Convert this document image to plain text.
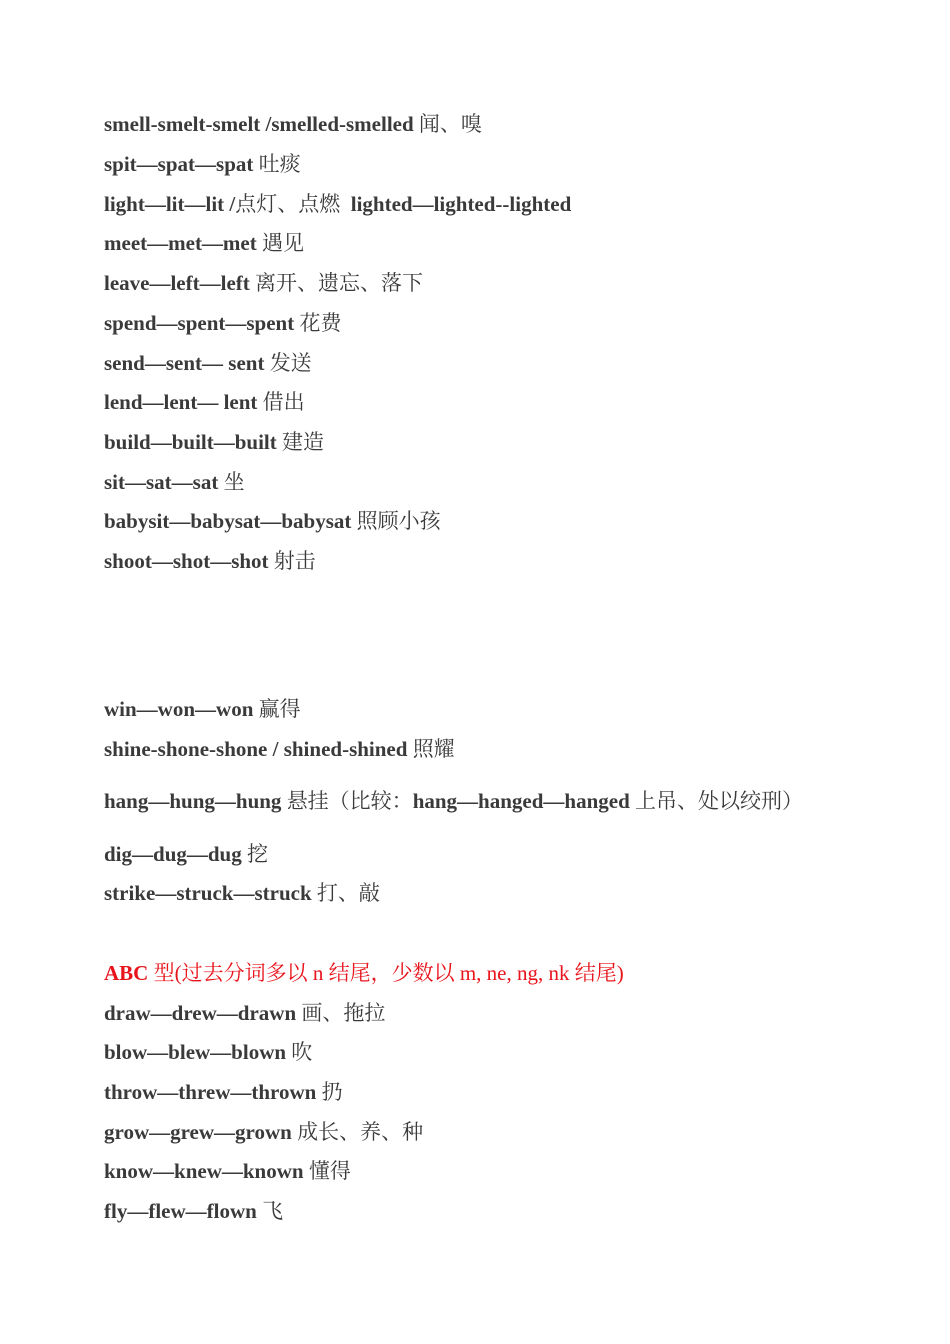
smell-smelt-smelt /smelled-smelled 闻、嗅
spit—spat—spat 吐痰
light—lit—lit /点灯、点燃  lighted—lighted--lighted
meet—met—met 遇见
leave—left—left 离开、遗忘、落下
spend—spent—spent 花费
send—sent— sent 发送
lend—lent— lent 借出
build—built—built 建造
sit—sat—sat 坐
babysit—babysat—babysat 照顾小孩
shoot—shot—shot 射击
win—won—won 赢得
shine-shone-shone / shined-shined 照耀
hang—hung—hung 悬挂（比较：hang—hanged—hanged 上吊、处以绞刑）
dig—dug—dug 挖
strike—struck—struck 打、敲
ABC 型(过去分词多以 n 结尾，少数以 m, ne, ng, nk 结尾)
draw—drew—drawn 画、拖拉
blow—blew—blown 吹
throw—threw—thrown 扔
grow—grew—grown 成长、养、种
know—knew—known 懂得
fly—flew—flown 飞
